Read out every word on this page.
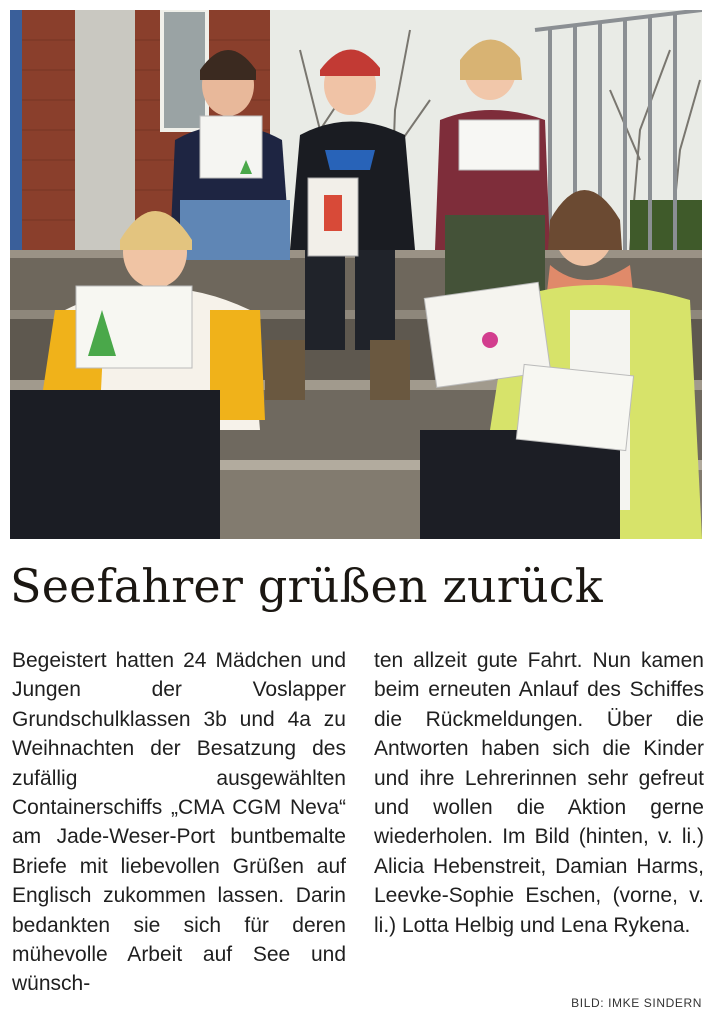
Seefahrer grüßen zurück

Begeistert hatten 24 Mädchen und Jungen der Voslapper Grundschulklassen 3b und 4a zu Weihnachten der Besatzung des zufällig ausgewählten Containerschiffs „CMA CGM Neva“ am Jade-Weser-Port buntbemalte Briefe mit liebevollen Grüßen auf Englisch zukommen lassen. Darin bedankten sie sich für deren mühevolle Arbeit auf See und wünsch-

ten allzeit gute Fahrt. Nun kamen beim erneuten Anlauf des Schiffes die Rückmeldungen. Über die Antworten haben sich die Kinder und ihre Lehrerinnen sehr gefreut und wollen die Aktion gerne wiederholen. Im Bild (hinten, v. li.) Alicia Hebenstreit, Damian Harms, Leevke-Sophie Eschen, (vorne, v. li.) Lotta Helbig und Lena Rykena.

BILD: IMKE SINDERN
